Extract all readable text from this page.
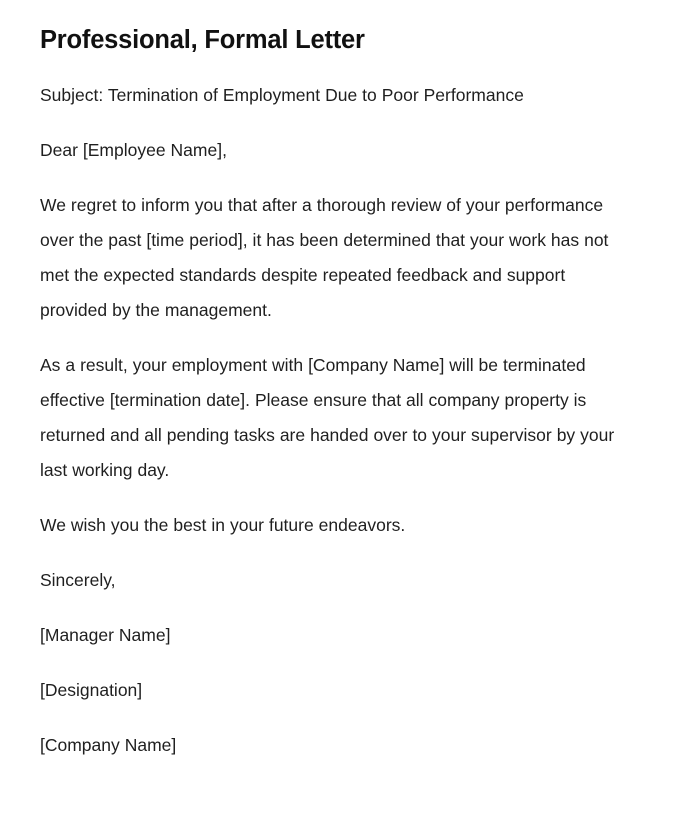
Professional, Formal Letter

Subject: Termination of Employment Due to Poor Performance

Dear [Employee Name],

We regret to inform you that after a thorough review of your performance over the past [time period], it has been determined that your work has not met the expected standards despite repeated feedback and support provided by the management.

As a result, your employment with [Company Name] will be terminated effective [termination date]. Please ensure that all company property is returned and all pending tasks are handed over to your supervisor by your last working day.

We wish you the best in your future endeavors.

Sincerely,

[Manager Name]

[Designation]

[Company Name]
